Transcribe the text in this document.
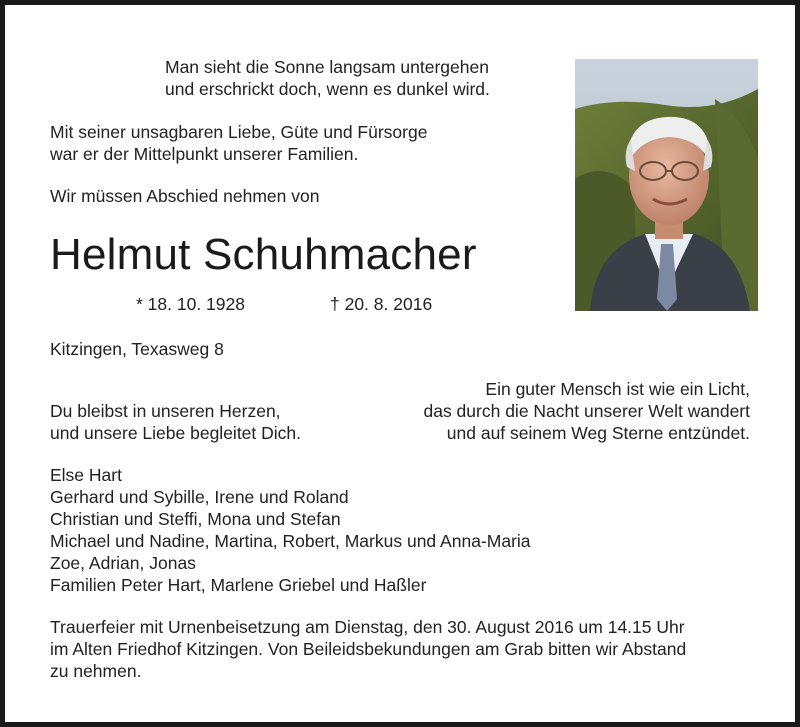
Man sieht die Sonne langsam untergehen
und erschrickt doch, wenn es dunkel wird.
Mit seiner unsagbaren Liebe, Güte und Fürsorge
war er der Mittelpunkt unserer Familien.
Wir müssen Abschied nehmen von
Helmut Schuhmacher
* 18. 10. 1928	† 20. 8. 2016
Kitzingen, Texasweg 8
Du bleibst in unseren Herzen,
und unsere Liebe begleitet Dich.
Ein guter Mensch ist wie ein Licht,
das durch die Nacht unserer Welt wandert
und auf seinem Weg Sterne entzündet.
Else Hart
Gerhard und Sybille, Irene und Roland
Christian und Steffi, Mona und Stefan
Michael und Nadine, Martina, Robert, Markus und Anna-Maria
Zoe, Adrian, Jonas
Familien Peter Hart, Marlene Griebel und Haßler
Trauerfeier mit Urnenbeisetzung am Dienstag, den 30. August 2016 um 14.15 Uhr
im Alten Friedhof Kitzingen. Von Beileidsbekundungen am Grab bitten wir Abstand
zu nehmen.
